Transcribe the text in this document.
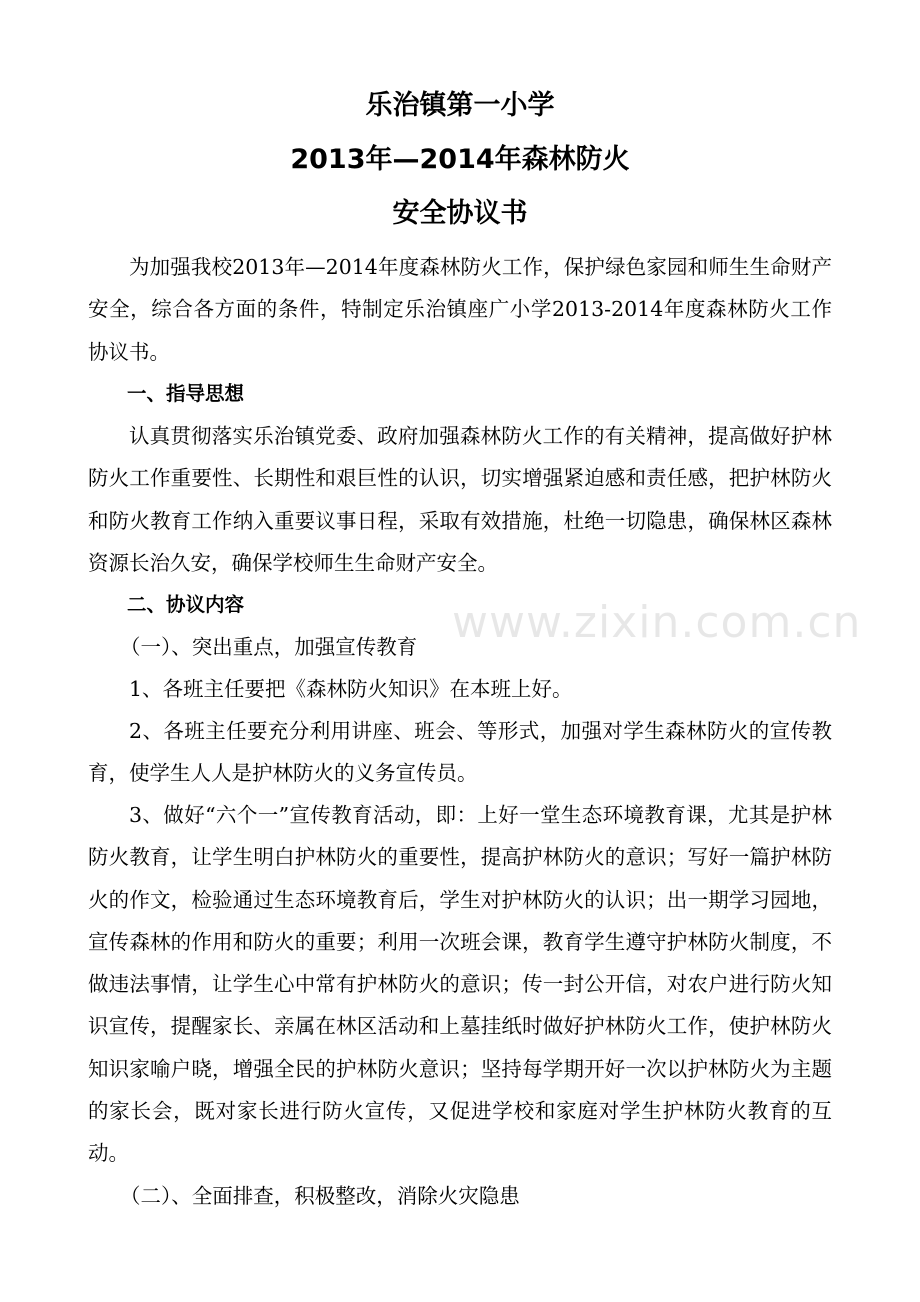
乐治镇第一小学
2013年—2014年森林防火
安全协议书

为加强我校2013年—2014年度森林防火工作，保护绿色家园和师生生命财产安全，综合各方面的条件，特制定乐治镇座广小学2013-2014年度森林防火工作协议书。

一、指导思想

认真贯彻落实乐治镇党委、政府加强森林防火工作的有关精神，提高做好护林防火工作重要性、长期性和艰巨性的认识，切实增强紧迫感和责任感，把护林防火和防火教育工作纳入重要议事日程，采取有效措施，杜绝一切隐患，确保林区森林资源长治久安，确保学校师生生命财产安全。

二、协议内容

（一）、突出重点，加强宣传教育

1、各班主任要把《森林防火知识》在本班上好。

2、各班主任要充分利用讲座、班会、等形式，加强对学生森林防火的宣传教育，使学生人人是护林防火的义务宣传员。

3、做好“六个一”宣传教育活动，即：上好一堂生态环境教育课，尤其是护林防火教育，让学生明白护林防火的重要性，提高护林防火的意识；写好一篇护林防火的作文，检验通过生态环境教育后，学生对护林防火的认识；出一期学习园地，宣传森林的作用和防火的重要；利用一次班会课，教育学生遵守护林防火制度，不做违法事情，让学生心中常有护林防火的意识；传一封公开信，对农户进行防火知识宣传，提醒家长、亲属在林区活动和上墓挂纸时做好护林防火工作，使护林防火知识家喻户晓，增强全民的护林防火意识；坚持每学期开好一次以护林防火为主题的家长会，既对家长进行防火宣传，又促进学校和家庭对学生护林防火教育的互动。

（二）、全面排查，积极整改，消除火灾隐患

www.zixin.com.cn
